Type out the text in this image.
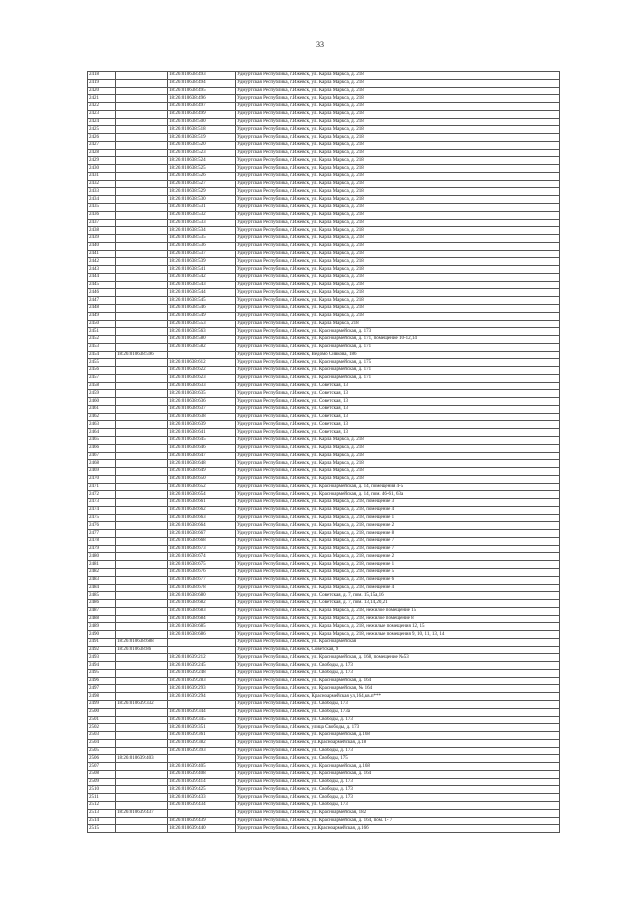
33
2418		18:26:010638:493	Удмуртская Республика, г.Ижевск, ул. Карла Маркса, д. 218
2419		18:26:010638:494	Удмуртская Республика, г.Ижевск, ул. Карла Маркса, д. 218
2420		18:26:010638:495	Удмуртская Республика, г.Ижевск, ул. Карла Маркса, д. 218
2421		18:26:010638:496	Удмуртская Республика, г.Ижевск, ул. Карла Маркса, д. 218
2422		18:26:010638:497	Удмуртская Республика, г.Ижевск, ул. Карла Маркса, д. 218
2423		18:26:010638:499	Удмуртская Республика, г.Ижевск, ул. Карла Маркса, д. 218
2424		18:26:010638:500	Удмуртская Республика, г.Ижевск, ул. Карла Маркса, д. 218
2425		18:26:010638:518	Удмуртская Республика, г.Ижевск, ул. Карла Маркса, д. 218
2426		18:26:010638:519	Удмуртская Республика, г.Ижевск, ул. Карла Маркса, д. 218
2427		18:26:010638:520	Удмуртская Республика, г.Ижевск, ул. Карла Маркса, д. 218
2428		18:26:010638:523	Удмуртская Республика, г.Ижевск, ул. Карла Маркса, д. 218
2429		18:26:010638:524	Удмуртская Республика, г.Ижевск, ул. Карла Маркса, д. 218
2430		18:26:010638:525	Удмуртская Республика, г.Ижевск, ул. Карла Маркса, д. 218
2431		18:26:010638:526	Удмуртская Республика, г.Ижевск, ул. Карла Маркса, д. 218
2432		18:26:010638:527	Удмуртская Республика, г.Ижевск, ул. Карла Маркса, д. 218
2433		18:26:010638:529	Удмуртская Республика, г.Ижевск, ул. Карла Маркса, д. 218
2434		18:26:010638:530	Удмуртская Республика, г.Ижевск, ул. Карла Маркса, д. 218
2435		18:26:010638:531	Удмуртская Республика, г.Ижевск, ул. Карла Маркса, д. 218
2436		18:26:010638:532	Удмуртская Республика, г.Ижевск, ул. Карла Маркса, д. 218
2437		18:26:010638:533	Удмуртская Республика, г.Ижевск, ул. Карла Маркса, д. 218
2438		18:26:010638:534	Удмуртская Республика, г.Ижевск, ул. Карла Маркса, д. 218
2439		18:26:010638:535	Удмуртская Республика, г.Ижевск, ул. Карла Маркса, д. 218
2440		18:26:010638:536	Удмуртская Республика, г.Ижевск, ул. Карла Маркса, д. 218
2441		18:26:010638:537	Удмуртская Республика, г.Ижевск, ул. Карла Маркса, д. 218
2442		18:26:010638:539	Удмуртская Республика, г.Ижевск, ул. Карла Маркса, д. 218
2443		18:26:010638:541	Удмуртская Республика, г.Ижевск, ул. Карла Маркса, д. 218
2444		18:26:010638:542	Удмуртская Республика, г.Ижевск, ул. Карла Маркса, д. 218
2445		18:26:010638:543	Удмуртская Республика, г.Ижевск, ул. Карла Маркса, д. 218
2446		18:26:010638:544	Удмуртская Республика, г.Ижевск, ул. Карла Маркса, д. 218
2447		18:26:010638:545	Удмуртская Республика, г.Ижевск, ул. Карла Маркса, д. 218
2448		18:26:010638:546	Удмуртская Республика, г.Ижевск, ул. Карла Маркса, д. 218
2449		18:26:010638:549	Удмуртская Республика, г.Ижевск, ул. Карла Маркса, д. 218
2450		18:26:010638:553	Удмуртская Республика, г.Ижевск, ул. Карла Маркса, 218
2451		18:26:010638:563	Удмуртская Республика, г.Ижевск, ул. Красноармейская, д. 173
2452		18:26:010638:580	Удмуртская Республика, г.Ижевск, ул. Красноармейская, д. 171, помещение 10-12,14
2453		18:26:010638:582	Удмуртская Республика, г.Ижевск, ул. Красноармейская, д. 171
2454	18:26:010638:596		Удмуртская Республика, г.Ижевск, Ведомо Сивкова, 186
2455		18:26:010638:612	Удмуртская Республика, г.Ижевск, ул. Красноармейская, д. 175
2456		18:26:010638:622	Удмуртская Республика, г.Ижевск, ул. Красноармейская, д. 171
2457		18:26:010638:623	Удмуртская Республика, г.Ижевск, ул. Красноармейская, д. 171
2458		18:26:010638:633	Удмуртская Республика, г.Ижевск, ул. Советская, 13
2459		18:26:010638:635	Удмуртская Республика, г.Ижевск, ул. Советская, 13
2460		18:26:010638:636	Удмуртская Республика, г.Ижевск, ул. Советская, 13
2461		18:26:010638:637	Удмуртская Республика, г.Ижевск, ул. Советская, 13
2462		18:26:010638:638	Удмуртская Республика, г.Ижевск, ул. Советская, 13
2463		18:26:010638:639	Удмуртская Республика, г.Ижевск, ул. Советская, 13
2464		18:26:010638:641	Удмуртская Республика, г.Ижевск, ул. Советская, 13
2465		18:26:010638:645	Удмуртская Республика, г.Ижевск, ул. Карла Маркса, д. 218
2466		18:26:010638:646	Удмуртская Республика, г.Ижевск, ул. Карла Маркса, д. 218
2467		18:26:010638:647	Удмуртская Республика, г.Ижевск, ул. Карла Маркса, д. 218
2468		18:26:010638:648	Удмуртская Республика, г.Ижевск, ул. Карла Маркса, д. 218
2469		18:26:010638:649	Удмуртская Республика, г.Ижевск, ул. Карла Маркса, д. 218
2470		18:26:010638:650	Удмуртская Республика, г.Ижевск, ул. Карла Маркса, д. 218
2471		18:26:010638:652	Удмуртская Республика, г.Ижевск, ул. Красноармейская, д. 14, помещения 4-5
2472		18:26:010638:654	Удмуртская Республика, г.Ижевск, ул. Красноармейская, д. 14, пом. 46-61, 63а
2473		18:26:010638:661	Удмуртская Республика, г.Ижевск, ул. Карла Маркса, д. 218, помещение 3
2474		18:26:010638:662	Удмуртская Республика, г.Ижевск, ул. Карла Маркса, д. 218, помещение 4
2475		18:26:010638:663	Удмуртская Республика, г.Ижевск, ул. Карла Маркса, д. 218, помещение 1
2476		18:26:010638:664	Удмуртская Республика, г.Ижевск, ул. Карла Маркса, д. 218, помещение 2
2477		18:26:010638:667	Удмуртская Республика, г.Ижевск, ул. Карла Маркса, д. 218, помещение 8
2478		18:26:010638:668	Удмуртская Республика, г.Ижевск, ул. Карла Маркса, д. 218, помещение 7
2479		18:26:010638:673	Удмуртская Республика, г.Ижевск, ул. Карла Маркса, д. 218, помещение 7
2480		18:26:010638:674	Удмуртская Республика, г.Ижевск, ул. Карла Маркса, д. 218, помещение 2
2481		18:26:010638:675	Удмуртская Республика, г.Ижевск, ул. Карла Маркса, д. 218, помещение 1
2482		18:26:010638:676	Удмуртская Республика, г.Ижевск, ул. Карла Маркса, д. 218, помещение 5
2483		18:26:010638:677	Удмуртская Республика, г.Ижевск, ул. Карла Маркса, д. 218, помещение 6
2484		18:26:010638:678	Удмуртская Республика, г.Ижевск, ул. Карла Маркса, д. 218, помещение 4
2485		18:26:010638:680	Удмуртская Республика, г.Ижевск, ул. Советская, д. 7, пом. 15,15а,16
2486		18:26:010638:682	Удмуртская Республика, г.Ижевск, ул. Советская, д. 7, пом. 13,14,20,21
2487		18:26:010638:683	Удмуртская Республика, г.Ижевск, ул. Карла Маркса, д. 218, нежилое помещение 15
2488		18:26:010638:684	Удмуртская Республика, г.Ижевск, ул. Карла Маркса, д. 218, нежилое помещение 8
2489		18:26:010638:685	Удмуртская Республика, г.Ижевск, ул. Карла Маркса, д. 218, нежилые помещения 12, 15
2490		18:26:010638:686	Удмуртская Республика, г.Ижевск, ул. Карла Маркса, д. 218, нежилые помещения 9, 10, 11, 13, 14
2491	18:26:010638:688		Удмуртская Республика, г.Ижевск, ул. Красноармейская
2492	18:26:010638:86		Удмуртская Республика, г.Ижевск, Советская, 9
2493		18:26:010639:212	Удмуртская Республика, г.Ижевск, ул. Красноармейская, д. 168, помещение №53
2494		18:26:010639:245	Удмуртская Республика, г.Ижевск, ул. Свободы, д. 173
2495		18:26:010639:248	Удмуртская Республика, г.Ижевск, ул. Свободы, д. 173
2496		18:26:010639:283	Удмуртская Республика, г.Ижевск, ул. Красноармейская, д. 164
2497		18:26:010639:293	Удмуртская Республика, г.Ижевск, ул. Красноармейская, № 164
2498		18:26:010639:294	Удмуртская Республика, г.Ижевск, Красноармейская ул,164,кв.п***
2499	18:26:010639:332		Удмуртская Республика, г.Ижевск, ул. Свободы, 173
2500		18:26:010639:344	Удмуртская Республика, г.Ижевск, ул. Свободы, 173а
2501		18:26:010639:345	Удмуртская Республика, г.Ижевск, ул. Свободы, д. 173
2502		18:26:010639:351	Удмуртская Республика, г.Ижевск, улица Свободы, д. 173
2503		18:26:010639:361	Удмуртская Республика, г.Ижевск, ул. Красноармейская, д.168
2504		18:26:010639:382	Удмуртская Республика, г.Ижевск, ул.Красноармейская, д.18
2505		18:26:010639:393	Удмуртская Республика, г.Ижевск, ул. Свободы, д. 173
2506	18:26:010639:403		Удмуртская Республика, г.Ижевск, ул. Свободы, 175
2507		18:26:010639:405	Удмуртская Республика, г.Ижевск, ул. Красноармейская, д.168
2508		18:26:010639:408	Удмуртская Республика, г.Ижевск, ул. Красноармейская, д. 164
2509		18:26:010639:414	Удмуртская Республика, г.Ижевск, ул. Свободы, д. 173
2510		18:26:010639:425	Удмуртская Республика, г.Ижевск, ул. Свободы, д. 173
2511		18:26:010639:433	Удмуртская Республика, г.Ижевск, ул. Свободы, д. 173
2512		18:26:010639:434	Удмуртская Республика, г.Ижевск, ул. Свободы, 173
2513	18:26:010639:437		Удмуртская Республика, г.Ижевск, ул. Красноармейская, 182
2514		18:26:010639:439	Удмуртская Республика, г.Ижевск, ул. Красноармейская, д. 164, пом. 1- 7
2515		18:26:010639:440	Удмуртская Республика, г.Ижевск, ул.Красноармейская, д.166
